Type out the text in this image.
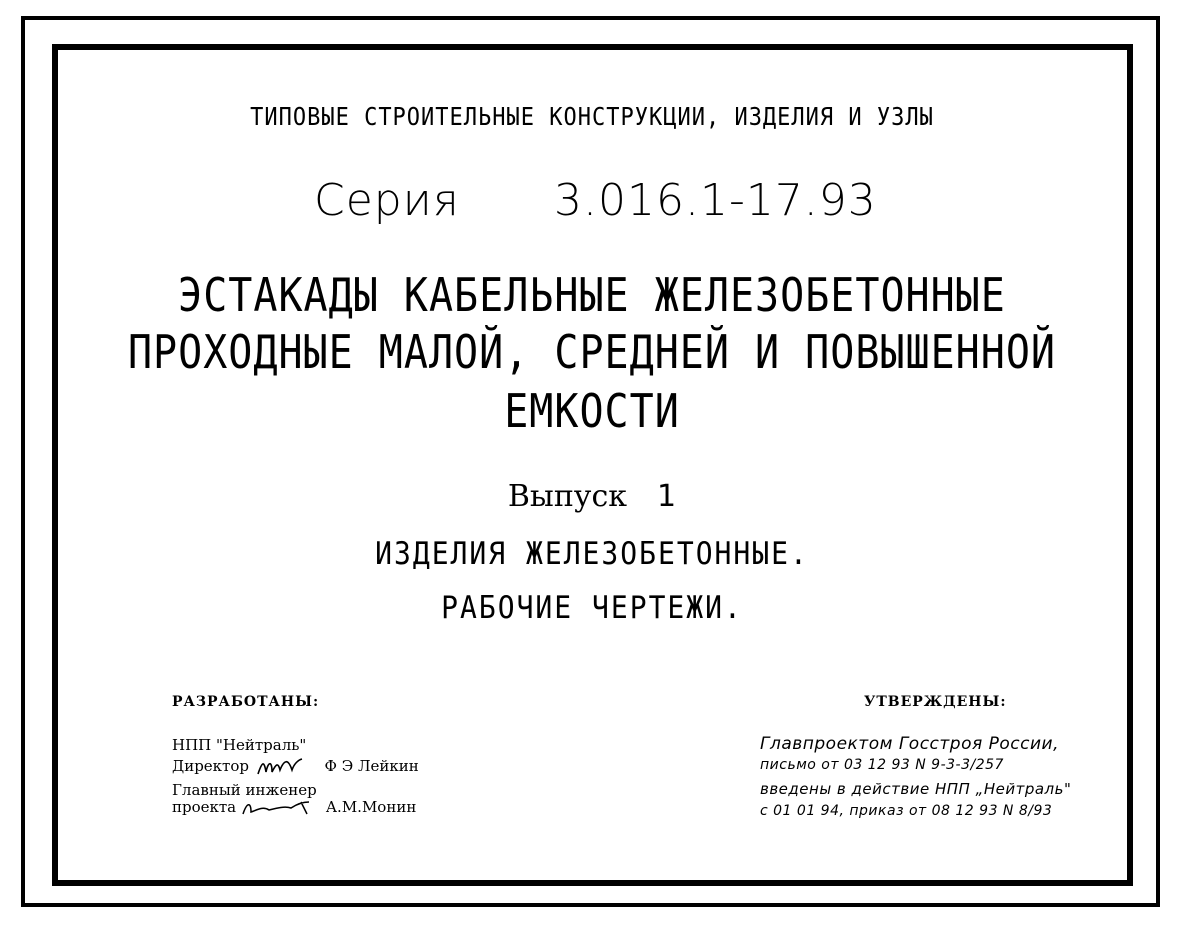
ТИПОВЫЕ СТРОИТЕЛЬНЫЕ КОНСТРУКЦИИ, ИЗДЕЛИЯ И УЗЛЫ
Серия 3.016.1-17.93
ЭСТАКАДЫ КАБЕЛЬНЫЕ ЖЕЛЕЗОБЕТОННЫЕ
ПРОХОДНЫЕ МАЛОЙ, СРЕДНЕЙ И ПОВЫШЕННОЙ
ЕМКОСТИ
Выпуск 1
ИЗДЕЛИЯ ЖЕЛЕЗОБЕТОННЫЕ.
РАБОЧИЕ ЧЕРТЕЖИ.
РАЗРАБОТАНЫ:
НПП "Нейтраль"
Директор	Ф Э Лейкин
Главный инженер
проекта	А.М.Монин
УТВЕРЖДЕНЫ:
Главпроектом Госстроя России,
письмо от 03 12 93 N 9-3-3/257
введены в действие НПП „Нейтраль"
с 01 01 94, приказ от 08 12 93 N 8/93
